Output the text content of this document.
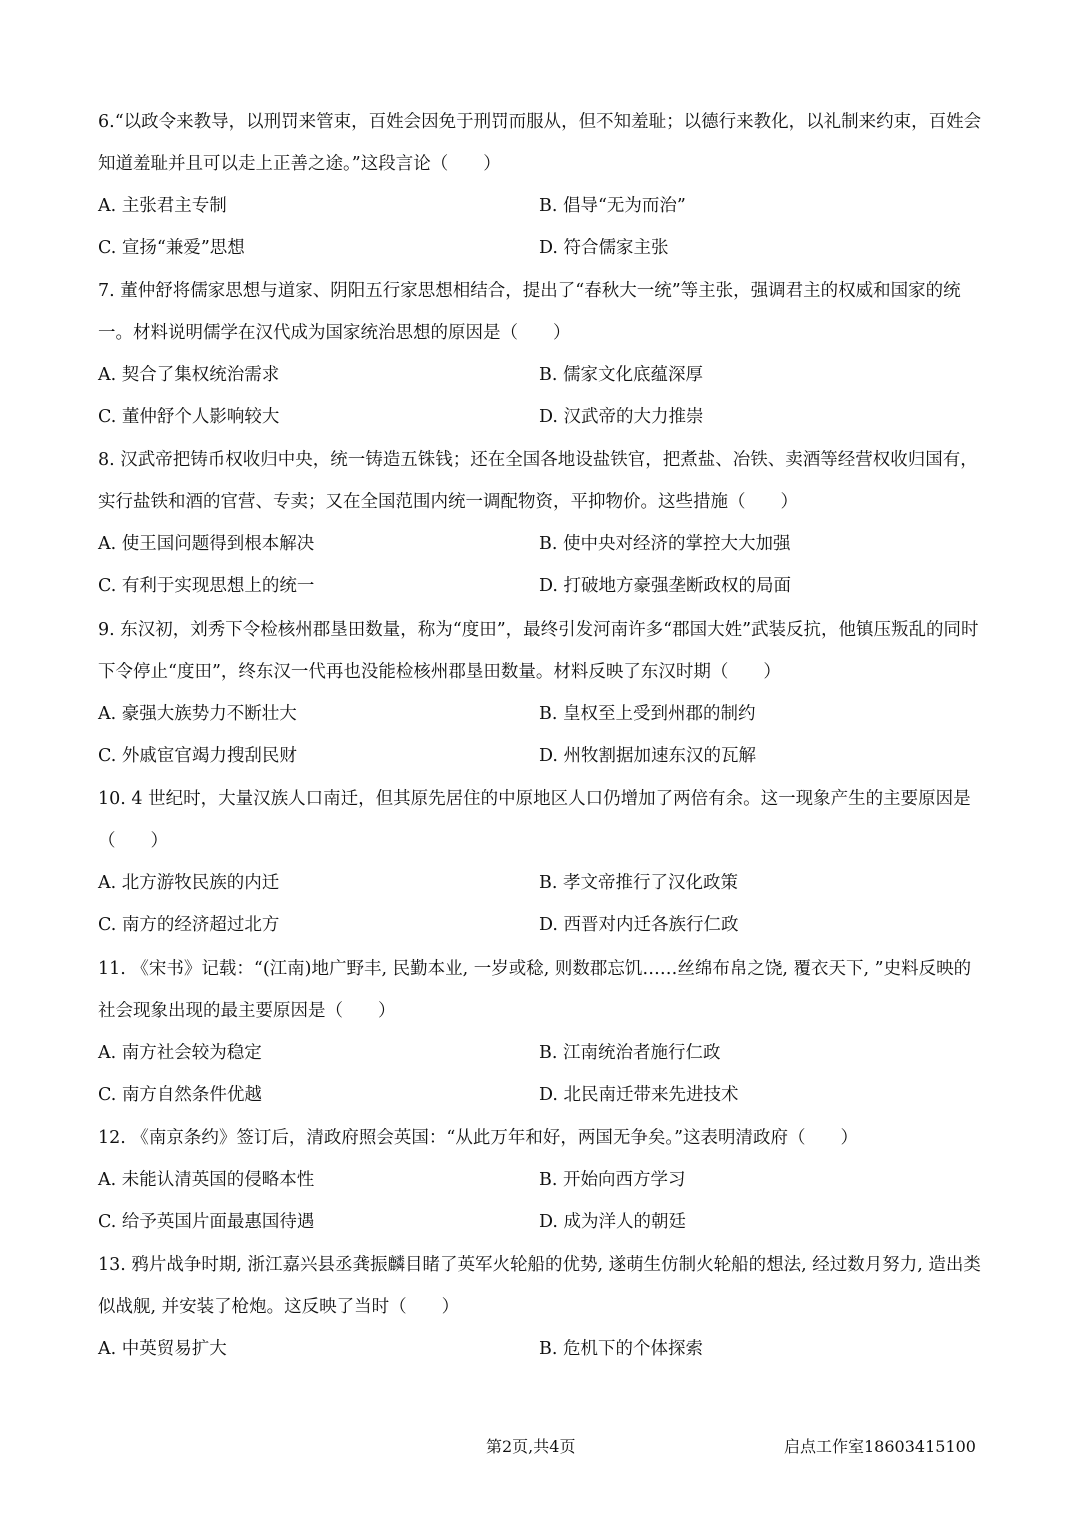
6.“以政令来教导，以刑罚来管束，百姓会因免于刑罚而服从，但不知羞耻；以德行来教化，以礼制来约束，百姓会知道羞耻并且可以走上正善之途。”这段言论（　　）

A. 主张君主专制	B. 倡导“无为而治”
C. 宣扬“兼爱”思想	D. 符合儒家主张

7. 董仲舒将儒家思想与道家、阴阳五行家思想相结合，提出了“春秋大一统”等主张，强调君主的权威和国家的统一。材料说明儒学在汉代成为国家统治思想的原因是（　　）

A. 契合了集权统治需求	B. 儒家文化底蕴深厚
C. 董仲舒个人影响较大	D. 汉武帝的大力推崇

8. 汉武帝把铸币权收归中央，统一铸造五铢钱；还在全国各地设盐铁官，把煮盐、冶铁、卖酒等经营权收归国有，实行盐铁和酒的官营、专卖；又在全国范围内统一调配物资，平抑物价。这些措施（　　）

A. 使王国问题得到根本解决	B. 使中央对经济的掌控大大加强
C. 有利于实现思想上的统一	D. 打破地方豪强垄断政权的局面

9. 东汉初，刘秀下令检核州郡垦田数量，称为“度田”，最终引发河南许多“郡国大姓”武装反抗，他镇压叛乱的同时下令停止“度田”，终东汉一代再也没能检核州郡垦田数量。材料反映了东汉时期（　　）

A. 豪强大族势力不断壮大	B. 皇权至上受到州郡的制约
C. 外戚宦官竭力搜刮民财	D. 州牧割据加速东汉的瓦解

10. 4 世纪时，大量汉族人口南迁，但其原先居住的中原地区人口仍增加了两倍有余。这一现象产生的主要原因是（　　）

A. 北方游牧民族的内迁	B. 孝文帝推行了汉化政策
C. 南方的经济超过北方	D. 西晋对内迁各族行仁政

11. 《宋书》记载：“(江南)地广野丰, 民勤本业, 一岁或稔, 则数郡忘饥……丝绵布帛之饶, 覆衣天下, ”史料反映的社会现象出现的最主要原因是（　　）

A. 南方社会较为稳定	B. 江南统治者施行仁政
C. 南方自然条件优越	D. 北民南迁带来先进技术

12. 《南京条约》签订后，清政府照会英国：“从此万年和好，两国无争矣。”这表明清政府（　　）

A. 未能认清英国的侵略本性	B. 开始向西方学习
C. 给予英国片面最惠国待遇	D. 成为洋人的朝廷

13. 鸦片战争时期, 浙江嘉兴县丞龚振麟目睹了英军火轮船的优势, 遂萌生仿制火轮船的想法, 经过数月努力, 造出类似战舰, 并安装了枪炮。这反映了当时（　　）

A. 中英贸易扩大	B. 危机下的个体探索
第2页,共4页	启点工作室18603415100
